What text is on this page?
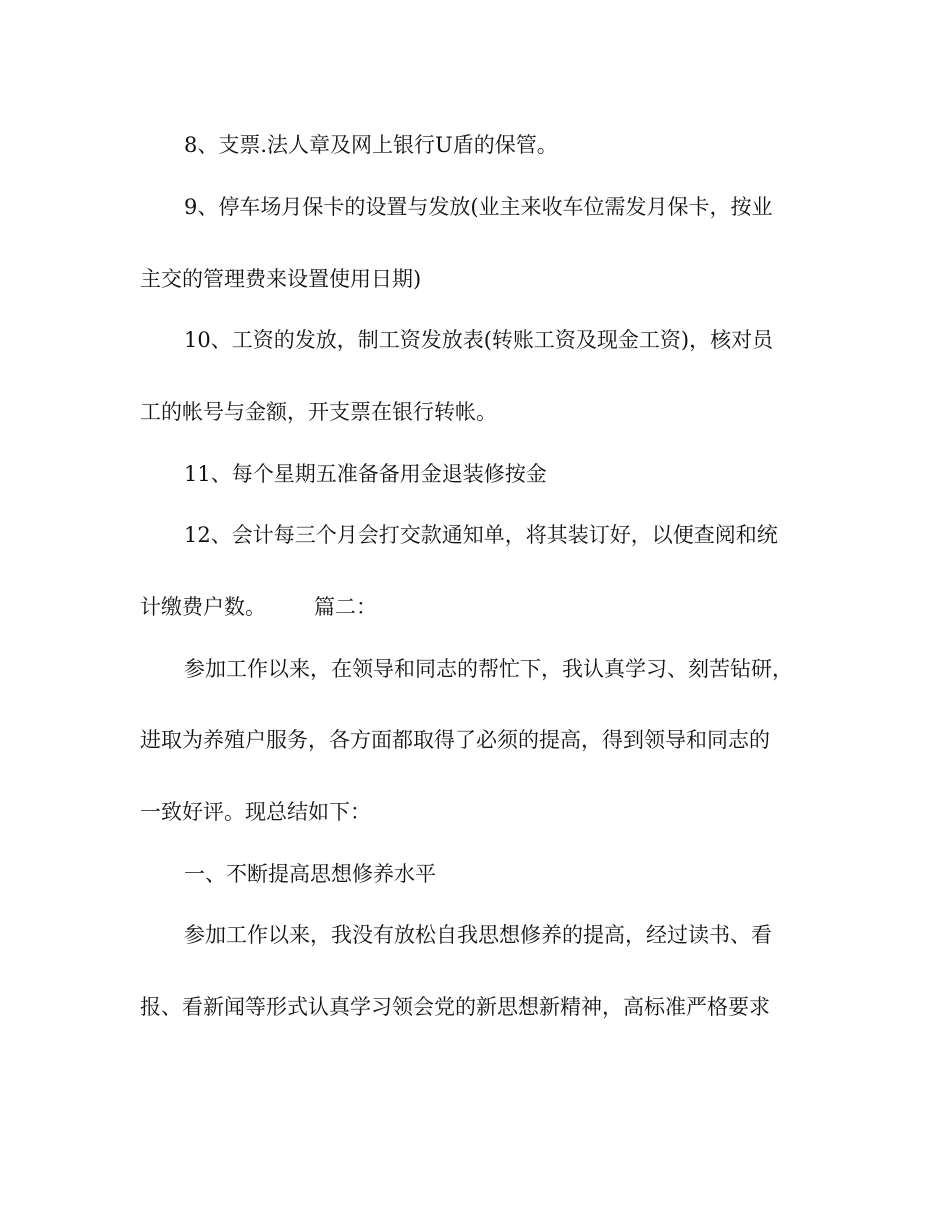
8、支票.法人章及网上银行U盾的保管。

9、停车场月保卡的设置与发放(业主来收车位需发月保卡，按业

主交的管理费来设置使用日期)

10、工资的发放，制工资发放表(转账工资及现金工资)，核对员

工的帐号与金额，开支票在银行转帐。

11、每个星期五准备备用金退装修按金

12、会计每三个月会打交款通知单，将其装订好，以便查阅和统

计缴费户数。 篇二：

参加工作以来，在领导和同志的帮忙下，我认真学习、刻苦钻研，

进取为养殖户服务，各方面都取得了必须的提高，得到领导和同志的

一致好评。现总结如下：

一、不断提高思想修养水平

参加工作以来，我没有放松自我思想修养的提高，经过读书、看

报、看新闻等形式认真学习领会党的新思想新精神，高标准严格要求
